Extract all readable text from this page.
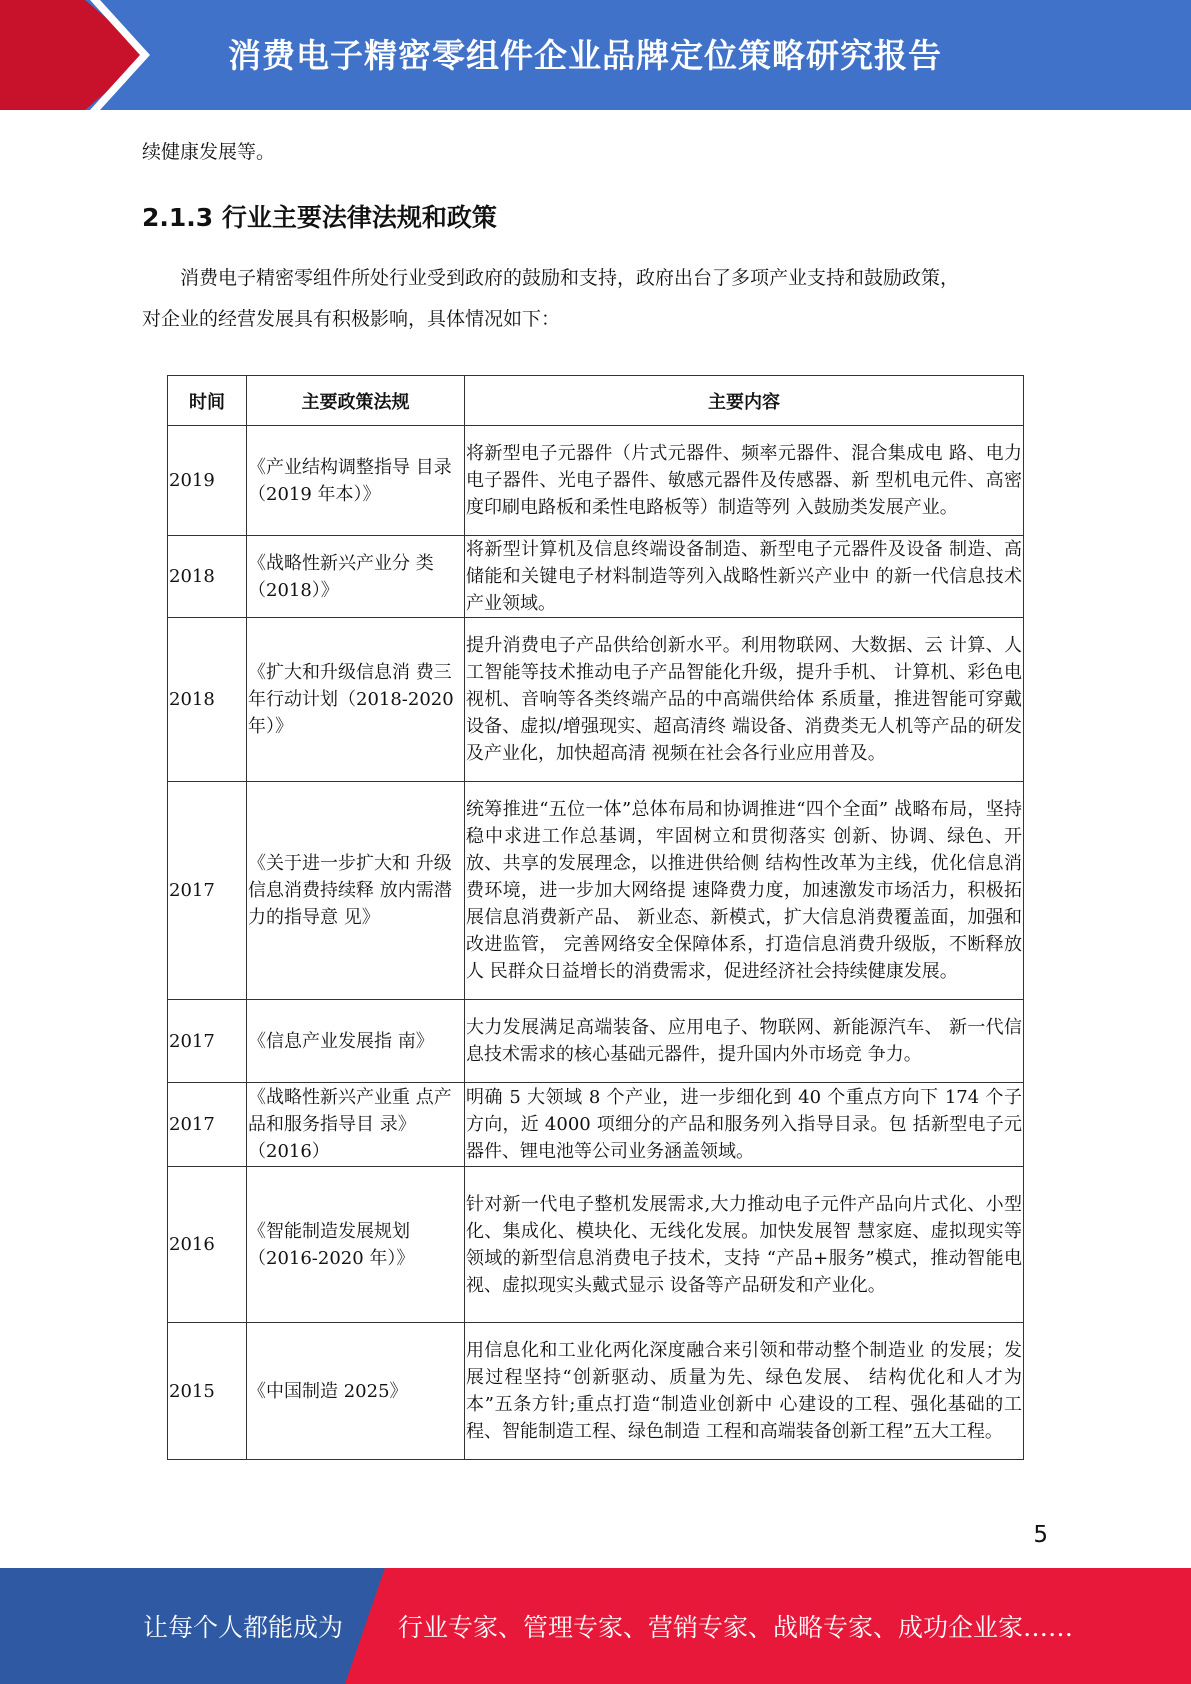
消费电子精密零组件企业品牌定位策略研究报告
续健康发展等。
2.1.3 行业主要法律法规和政策
消费电子精密零组件所处行业受到政府的鼓励和支持，政府出台了多项产业支持和鼓励政策，
对企业的经营发展具有积极影响，具体情况如下：
时间	主要政策法规	主要内容
2019	《产业结构调整指导 目录（2019 年本）》	将新型电子元器件（片式元器件、频率元器件、混合集成电 路、电力电子器件、光电子器件、敏感元器件及传感器、新 型机电元件、高密度印刷电路板和柔性电路板等）制造等列 入鼓励类发展产业。
2018	《战略性新兴产业分 类（2018）》	将新型计算机及信息终端设备制造、新型电子元器件及设备 制造、高储能和关键电子材料制造等列入战略性新兴产业中 的新一代信息技术产业领域。
2018	《扩大和升级信息消 费三年行动计划（2018-2020 年）》	提升消费电子产品供给创新水平。利用物联网、大数据、云 计算、人工智能等技术推动电子产品智能化升级，提升手机、 计算机、彩色电视机、音响等各类终端产品的中高端供给体 系质量，推进智能可穿戴设备、虚拟/增强现实、超高清终 端设备、消费类无人机等产品的研发及产业化，加快超高清 视频在社会各行业应用普及。
2017	《关于进一步扩大和 升级信息消费持续释 放内需潜力的指导意 见》	统筹推进“五位一体”总体布局和协调推进“四个全面” 战略布局，坚持稳中求进工作总基调，牢固树立和贯彻落实 创新、协调、绿色、开放、共享的发展理念，以推进供给侧 结构性改革为主线，优化信息消费环境，进一步加大网络提 速降费力度，加速激发市场活力，积极拓展信息消费新产品、 新业态、新模式，扩大信息消费覆盖面，加强和改进监管， 完善网络安全保障体系，打造信息消费升级版，不断释放人 民群众日益增长的消费需求，促进经济社会持续健康发展。
2017	《信息产业发展指 南》	大力发展满足高端装备、应用电子、物联网、新能源汽车、 新一代信息技术需求的核心基础元器件，提升国内外市场竞 争力。
2017	《战略性新兴产业重 点产品和服务指导目 录》（2016）	明确 5 大领域 8 个产业，进一步细化到 40 个重点方向下 174 个子方向，近 4000 项细分的产品和服务列入指导目录。包 括新型电子元器件、锂电池等公司业务涵盖领域。
2016	《智能制造发展规划（2016-2020 年）》	针对新一代电子整机发展需求,大力推动电子元件产品向片式化、小型化、集成化、模块化、无线化发展。加快发展智 慧家庭、虚拟现实等领域的新型信息消费电子技术，支持 “产品+服务”模式，推动智能电视、虚拟现实头戴式显示 设备等产品研发和产业化。
2015	《中国制造 2025》	用信息化和工业化两化深度融合来引领和带动整个制造业 的发展；发展过程坚持“创新驱动、质量为先、绿色发展、 结构优化和人才为本”五条方针;重点打造“制造业创新中 心建设的工程、强化基础的工程、智能制造工程、绿色制造 工程和高端装备创新工程”五大工程。
5
让每个人都能成为 行业专家、管理专家、营销专家、战略专家、成功企业家……
